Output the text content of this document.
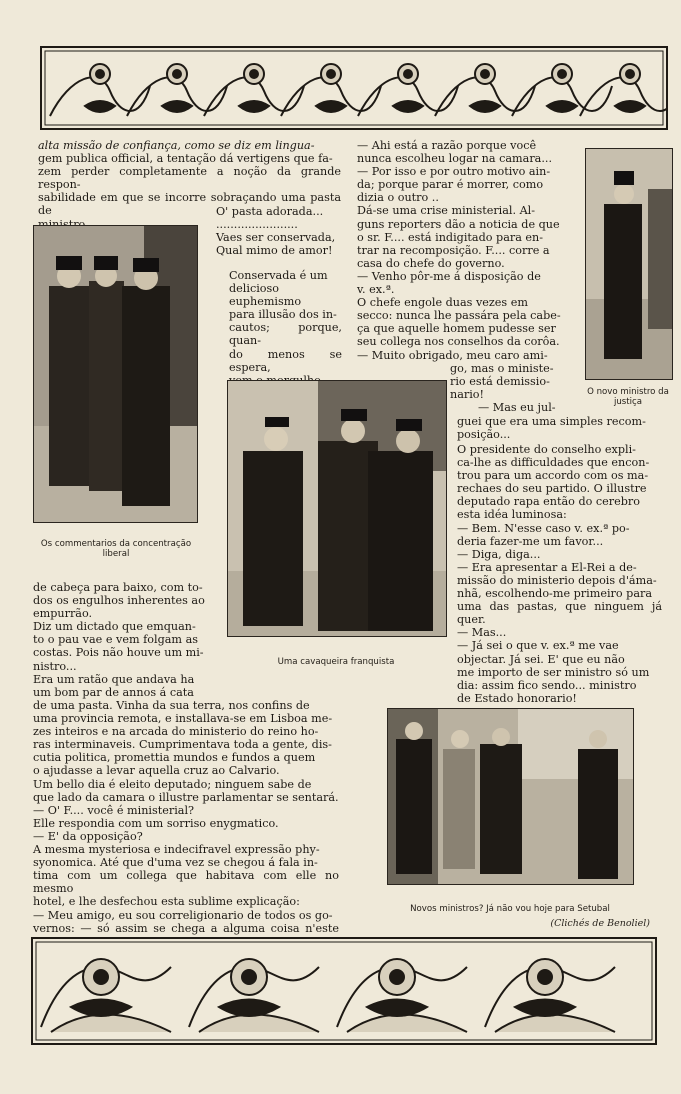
alta missão de confiança, como se diz em lingua-

gem publica official, a tentação dá vertigens que fa-

zem perder completamente a noção da grande respon-

sabilidade em que se incorre sobraçando uma pasta de	O' pasta adorada...

.......................

Vaes ser conservada,

Qual mimo de amor!

Conservada é um

delicioso euphemismo

para illusão dos in-

cautos; porque, quan-

do menos se espera,

— Ahi está a razão porque você

nunca escolheu logar na camara...

— Por isso e por outro motivo ain-

da; porque parar é morrer, como

dizia o outro ..

Dá-se uma crise ministerial. Al-

guns reporters dão a noticia de que

o sr. F.... está indigitado para en-

trar na recomposição. F.... corre a

casa do chefe do governo.

— Venho pôr-me á disposição de

v. ex.ª.

O chefe engole duas vezes em

secco: nunca lhe passára pela cabe-

ça que aquelle homem pudesse ser

seu collega nos conselhos da corôa.

— Muito obrigado, meu caro ami-

go, mas o ministe-

rio está demissio-

nario!

— Mas eu jul-

guei que era uma simples recom-

posição...

O presidente do conselho expli-

ca-lhe as difficuldades que encon-

trou para um accordo com os ma-

rechaes do seu partido. O illustre

deputado rapa então do cerebro

esta idéa luminosa:

— Bem. N'esse caso v. ex.ª po-

deria fazer-me um favor...

— Diga, diga...

— Era apresentar a El-Rei a de-

missão do ministerio depois d'áma-

nhã, escolhendo-me primeiro para

uma das pastas, que ninguem já quer.

— Mas...

— Já sei o que v. ex.ª me vae

objectar. Já sei. E' que eu não

me importo de ser ministro só um

dia: assim fico sendo... ministro

de Estado honorario!

de cabeça para baixo, com to-

dos os engulhos inherentes ao

empurrão.

Diz um dictado que emquan-

to o pau vae e vem folgam as

costas. Pois não houve um mi-

nistro...

Era um ratão que andava ha

um bom par de annos á cata

de uma pasta. Vinha da sua terra, nos confins de

uma provincia remota, e installava-se em Lisboa me-

zes inteiros e na arcada do ministerio do reino ho-

ras interminaveis. Cumprimentava toda a gente, dis-

cutia politica, promettia mundos e fundos a quem

o ajudasse a levar aquella cruz ao Calvario.

Um bello dia é eleito deputado; ninguem sabe de

que lado da camara o illustre parlamentar se sentará.

— O' F.... você é ministerial?

Elle respondia com um sorriso enygmatico.

— E' da opposição?

A mesma mysteriosa e indecifravel expressão phy-

syonomica. Até que d'uma vez se chegou á fala in-

tima com um collega que habitava com elle no mesmo

hotel, e lhe desfechou esta sublime explicação:

— Meu amigo, eu sou correligionario de todos os go-

vernos: — só assim se chega a alguma coisa n'este

Os commentarios da concentração liberal
Uma cavaqueira franquista
O novo ministro da justiça
Novos ministros? Já não vou hoje para Setubal
(Clichés de Benoliel)
